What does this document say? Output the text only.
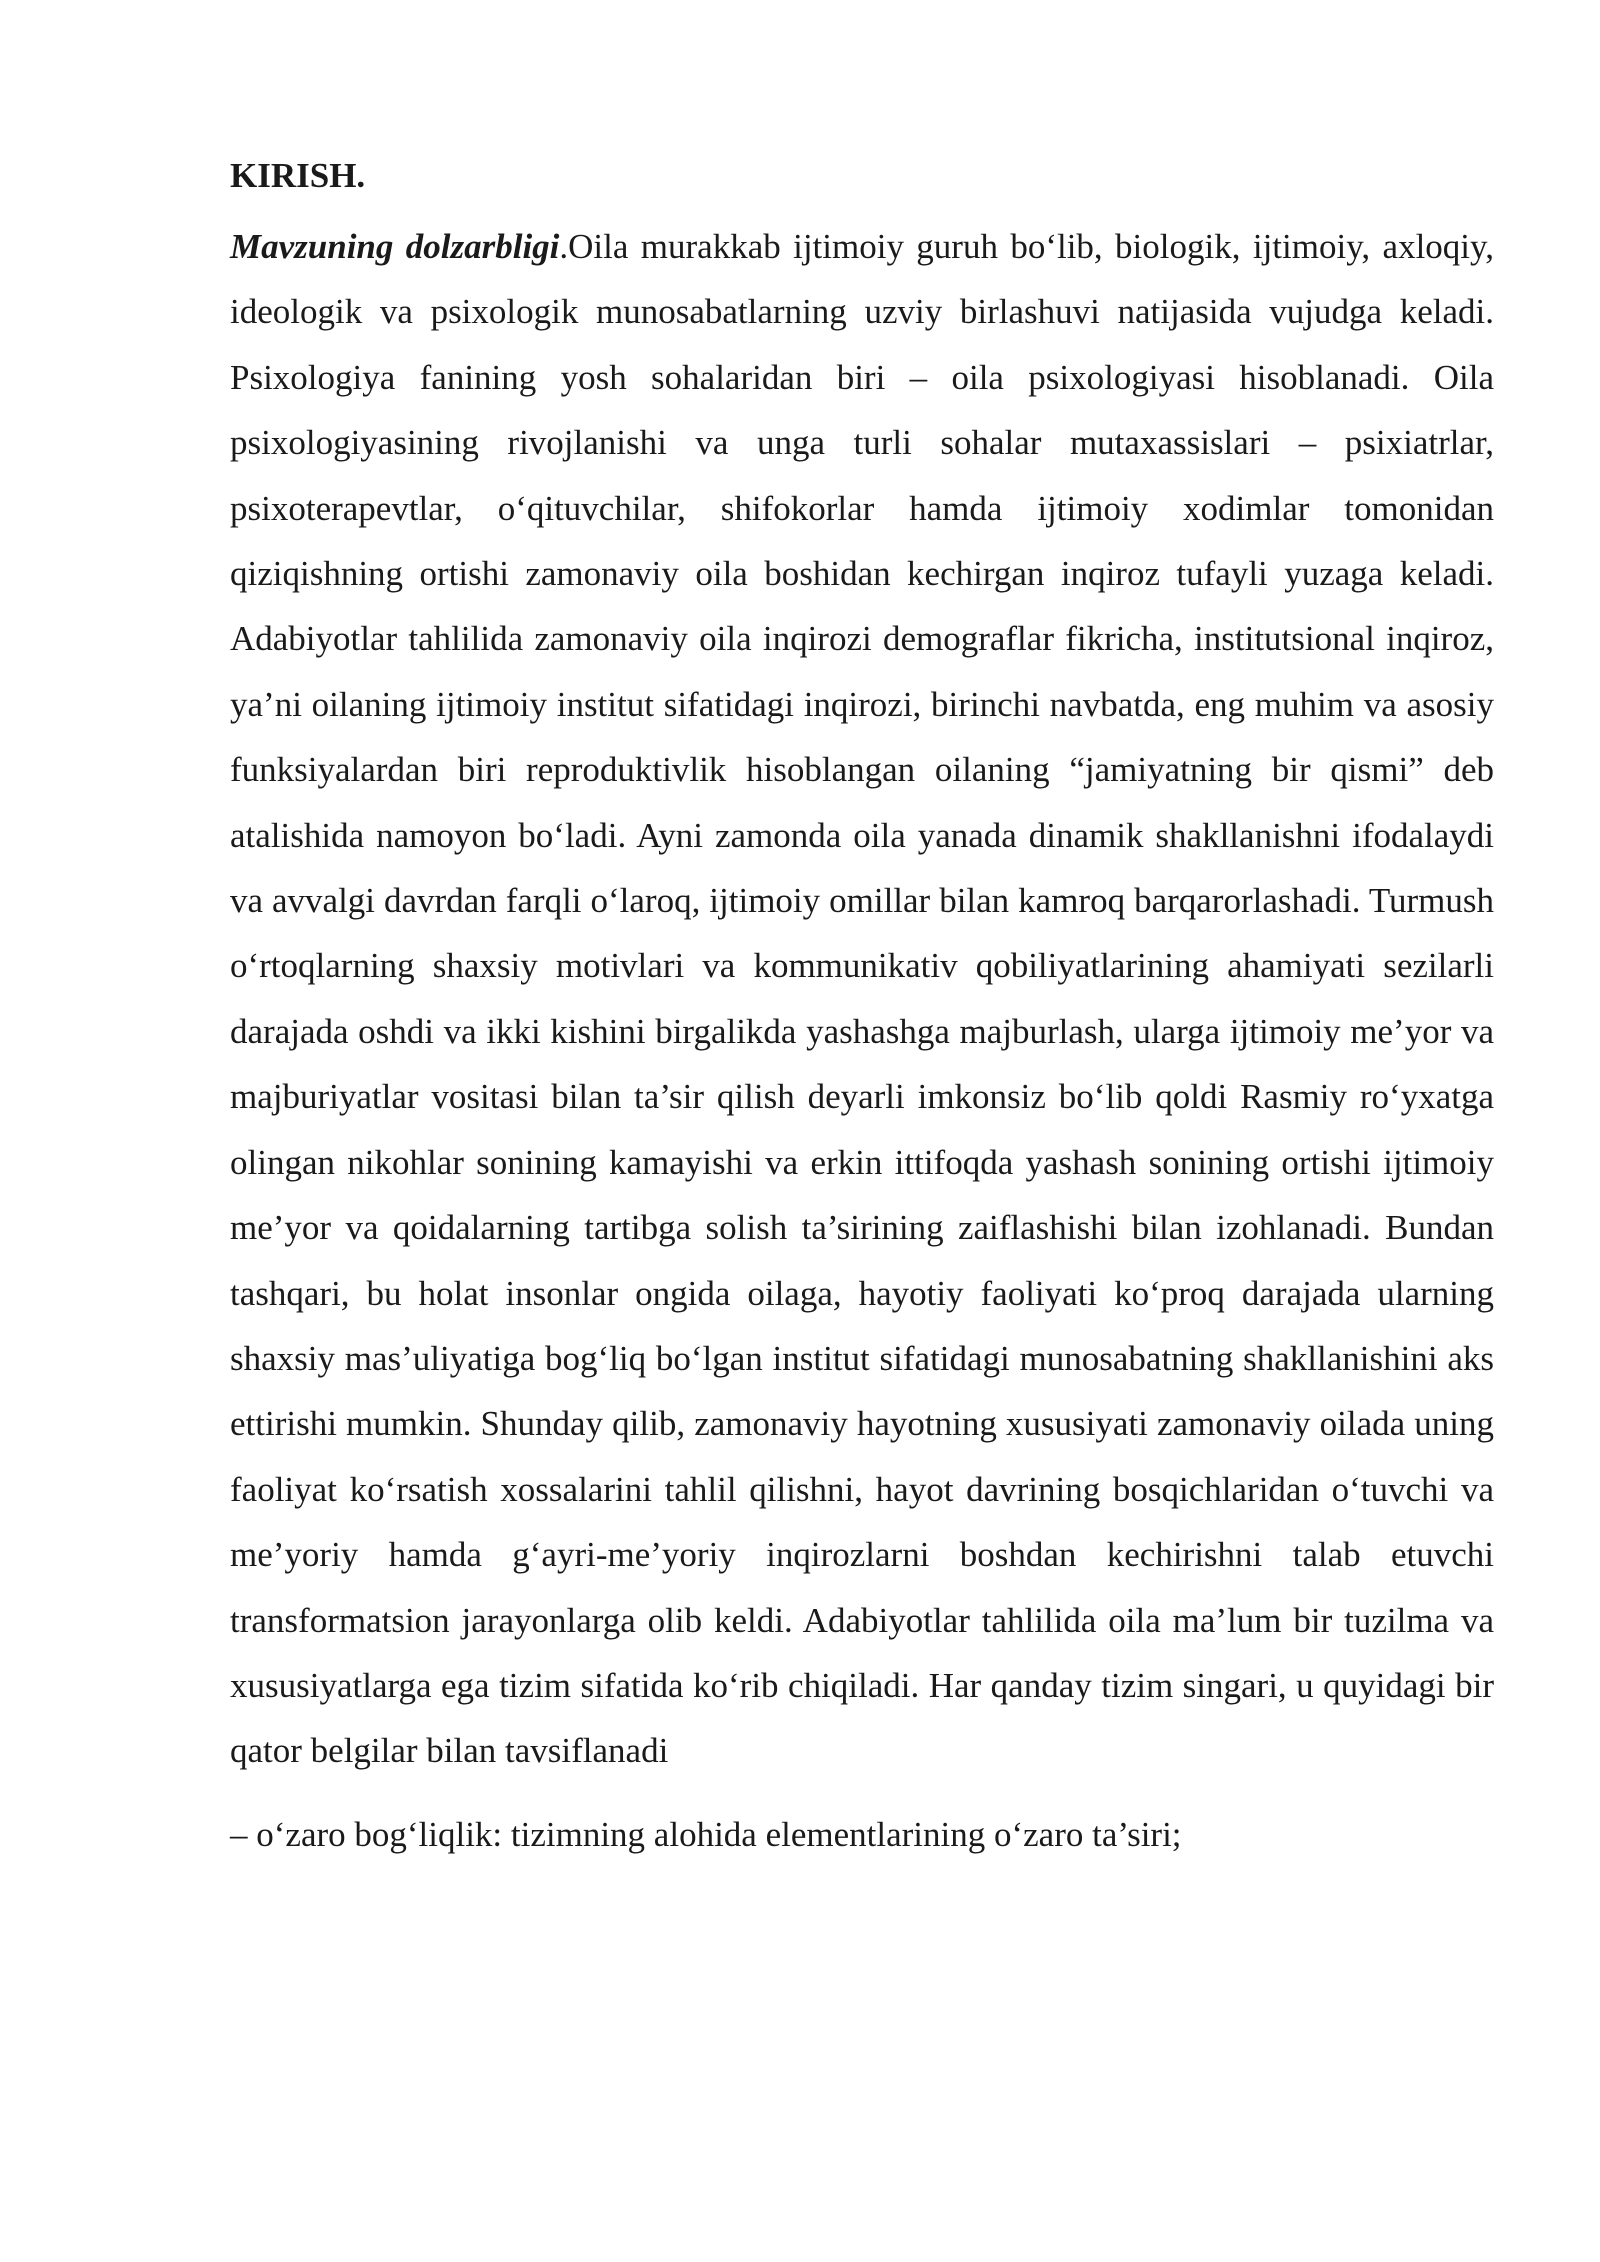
KIRISH.

Mavzuning dolzarbligi.Oila murakkab ijtimoiy guruh bo‘lib, biologik, ijtimoiy, axloqiy, ideologik va psixologik munosabatlarning uzviy birlashuvi natijasida vujudga keladi. Psixologiya fanining yosh sohalaridan biri – oila psixologiyasi hisoblanadi. Oila psixologiyasining rivojlanishi va unga turli sohalar mutaxassislari – psixiatrlar, psixoterapevtlar, o‘qituvchilar, shifokorlar hamda ijtimoiy xodimlar tomonidan qiziqishning ortishi zamonaviy oila boshidan kechirgan inqiroz tufayli yuzaga keladi. Adabiyotlar tahlilida zamonaviy oila inqirozi demograflar fikricha, institutsional inqiroz, ya’ni oilaning ijtimoiy institut sifatidagi inqirozi, birinchi navbatda, eng muhim va asosiy funksiyalardan biri reproduktivlik hisoblangan oilaning “jamiyatning bir qismi” deb atalishida namoyon bo‘ladi. Ayni zamonda oila yanada dinamik shakllanishni ifodalaydi va avvalgi davrdan farqli o‘laroq, ijtimoiy omillar bilan kamroq barqarorlashadi. Turmush o‘rtoqlarning shaxsiy motivlari va kommunikativ qobiliyatlarining ahamiyati sezilarli darajada oshdi va ikki kishini birgalikda yashashga majburlash, ularga ijtimoiy me’yor va majburiyatlar vositasi bilan ta’sir qilish deyarli imkonsiz bo‘lib qoldi Rasmiy ro‘yxatga olingan nikohlar sonining kamayishi va erkin ittifoqda yashash sonining ortishi ijtimoiy me’yor va qoidalarning tartibga solish ta’sirining zaiflashishi bilan izohlanadi. Bundan tashqari, bu holat insonlar ongida oilaga, hayotiy faoliyati ko‘proq darajada ularning shaxsiy mas’uliyatiga bog‘liq bo‘lgan institut sifatidagi munosabatning shakllanishini aks ettirishi mumkin. Shunday qilib, zamonaviy hayotning xususiyati zamonaviy oilada uning faoliyat ko‘rsatish xossalarini tahlil qilishni, hayot davrining bosqichlaridan o‘tuvchi va me’yoriy hamda g‘ayri-me’yoriy inqirozlarni boshdan kechirishni talab etuvchi transformatsion jarayonlarga olib keldi. Adabiyotlar tahlilida oila ma’lum bir tuzilma va xususiyatlarga ega tizim sifatida ko‘rib chiqiladi. Har qanday tizim singari, u quyidagi bir qator belgilar bilan tavsiflanadi

– o‘zaro bog‘liqlik: tizimning alohida elementlarining o‘zaro ta’siri;
